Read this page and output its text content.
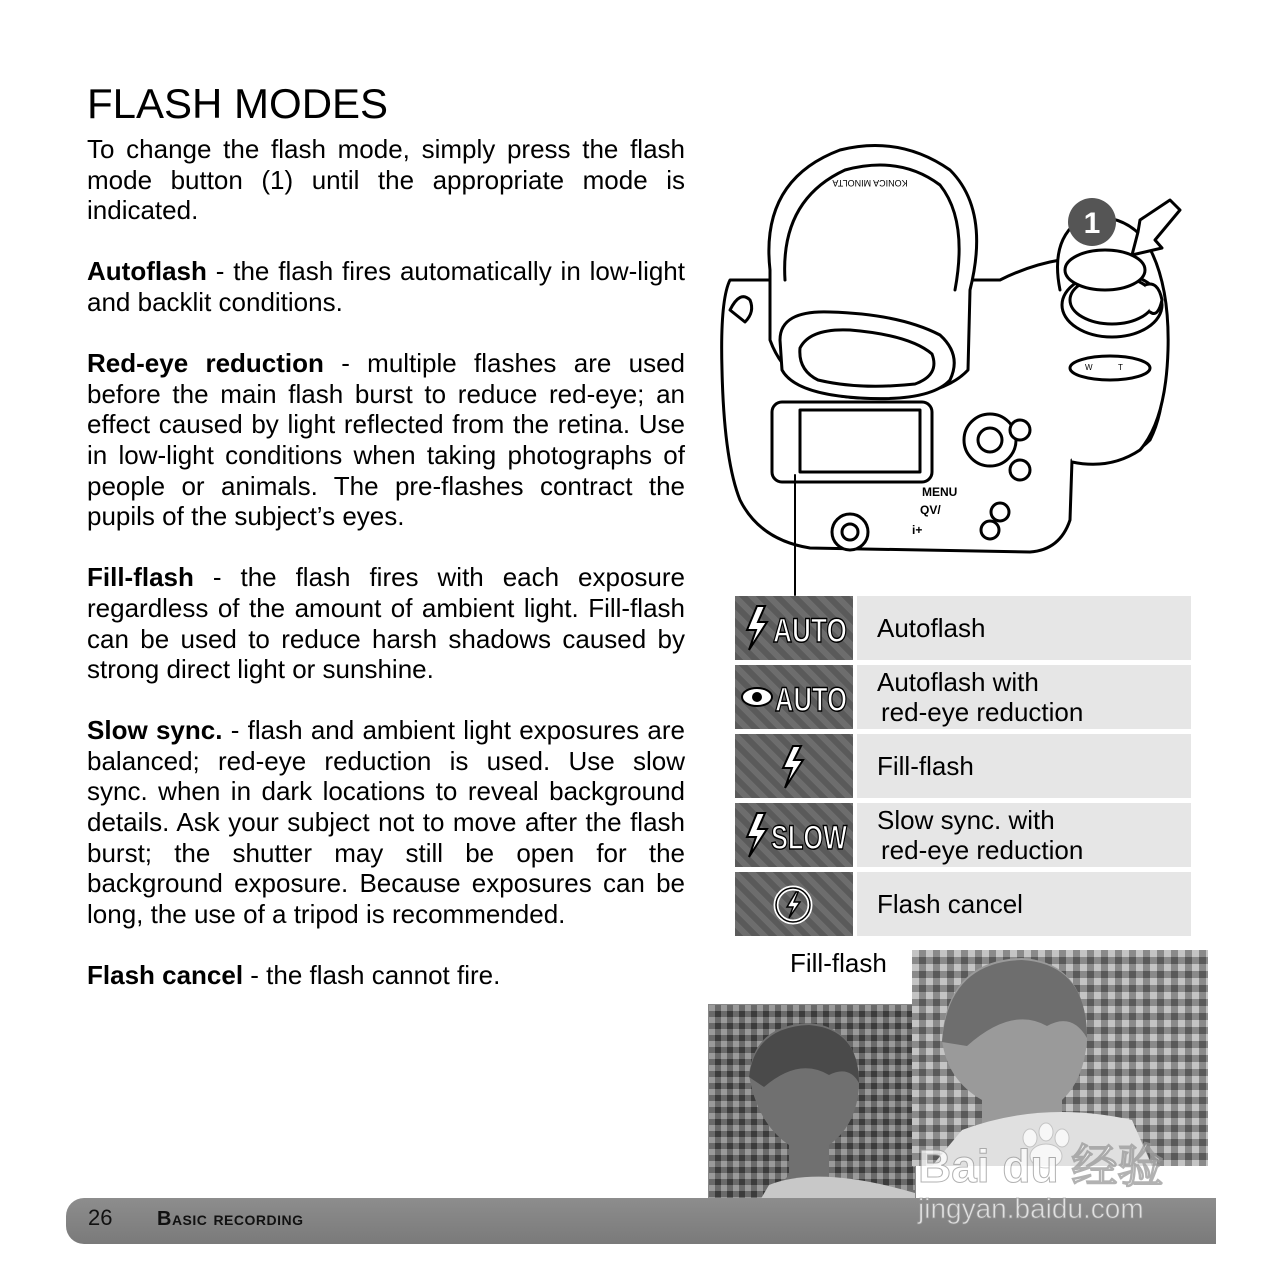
FLASH MODES

To change the flash mode, simply press the flash mode button (1) until the appropriate mode is indicated.

Autoflash - the flash fires automatically in low-light and backlit conditions.

Red-eye reduction - multiple flashes are used before the main flash burst to reduce red-eye; an effect caused by light reflected from the retina. Use in low-light conditions when taking photographs of people or animals. The pre-flashes contract the pupils of the subject’s eyes.

Fill-flash - the flash fires with each exposure regardless of the amount of ambient light. Fill-flash can be used to reduce harsh shadows caused by strong direct light or sunshine.

Slow sync. - flash and ambient light exposures are balanced; red-eye reduction is used. Use slow sync. when in dark locations to reveal background details. Ask your subject not to move after the flash burst; the shutter may still be open for the background exposure. Because exposures can be long, the use of a tripod is recommended.

Flash cancel - the flash cannot fire.

1
KONICA MINOLTA
MENU
QV/
i+
W	T
AUTO Autoflash
AUTO Autoflash with
red-eye reduction
Fill-flash
SLOW Slow sync. with
red-eye reduction
Flash cancel
Fill-flash
26 Basic recording
Bai du 经验
jingyan.baidu.com
